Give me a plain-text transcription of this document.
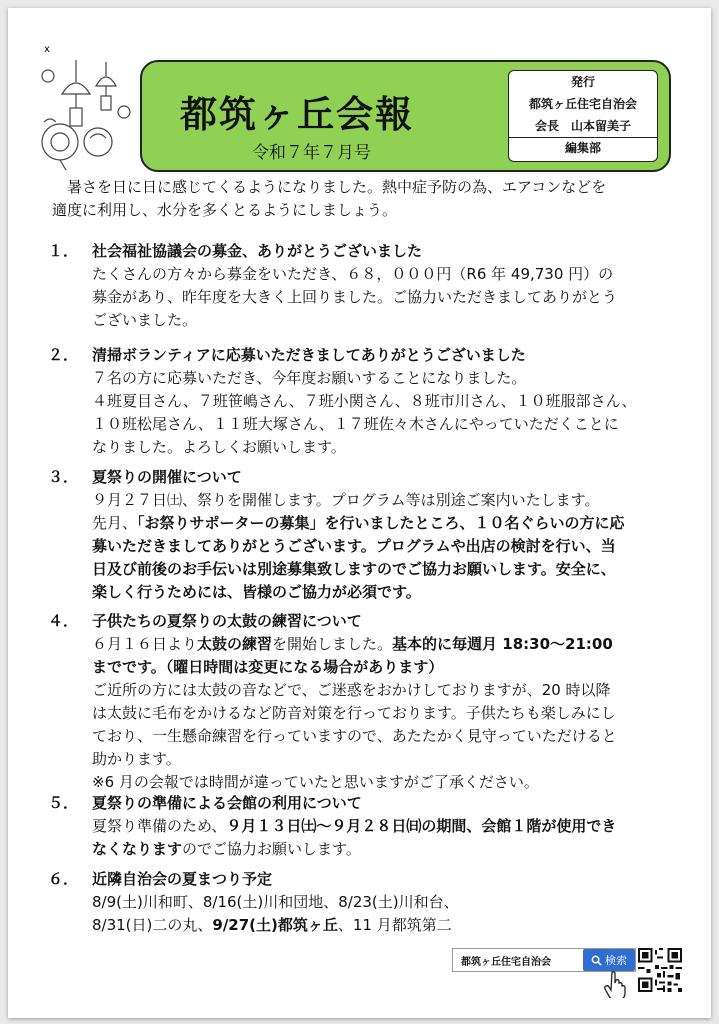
x
都筑ヶ丘会報
令和７年７月号
発行
都筑ヶ丘住宅自治会
会長　山本留美子
編集部

暑さを日に日に感じてくるようになりました。熱中症予防の為、エアコンなどを

適度に利用し、水分を多くとるようにしましょう。
１． 社会福祉協議会の募金、ありがとうございました

たくさんの方々から募金をいただき、６８，０００円（R6 年 49,730 円）の

募金があり、昨年度を大きく上回りました。ご協力いただきましてありがとう

ございました。

２． 清掃ボランティアに応募いただきましてありがとうございました

７名の方に応募いただき、今年度お願いすることになりました。

４班夏目さん、７班笹嶋さん、７班小関さん、８班市川さん、１０班服部さん、

１０班松尾さん、１１班大塚さん、１７班佐々木さんにやっていただくことに

なりました。よろしくお願いします。

３． 夏祭りの開催について

９月２７日㈯、祭りを開催します。プログラム等は別途ご案内いたします。

先月、「お祭りサポーターの募集」を行いましたところ、１０名ぐらいの方に応

募いただきましてありがとうございます。プログラムや出店の検討を行い、当

日及び前後のお手伝いは別途募集致しますのでご協力お願いします。安全に、

楽しく行うためには、皆様のご協力が必須です。

４． 子供たちの夏祭りの太鼓の練習について

６月１６日より太鼓の練習を開始しました。基本的に毎週月 18:30～21:00

までです。（曜日時間は変更になる場合があります）

ご近所の方には太鼓の音などで、ご迷惑をおかけしておりますが、20 時以降

は太鼓に毛布をかけるなど防音対策を行っております。子供たちも楽しみにし

ており、一生懸命練習を行っていますので、あたたかく見守っていただけると

助かります。

※6 月の会報では時間が違っていたと思いますがご了承ください。

５． 夏祭りの準備による会館の利用について

夏祭り準備のため、９月１３日㈯～９月２８日㈰の期間、会館１階が使用でき

なくなりますのでご協力お願いします。

６． 近隣自治会の夏まつり予定

8/9(土)川和町、8/16(土)川和団地、8/23(土)川和台、

8/31(日)二の丸、9/27(土)都筑ヶ丘、11 月都筑第二

都筑ヶ丘住宅自治会	検索
